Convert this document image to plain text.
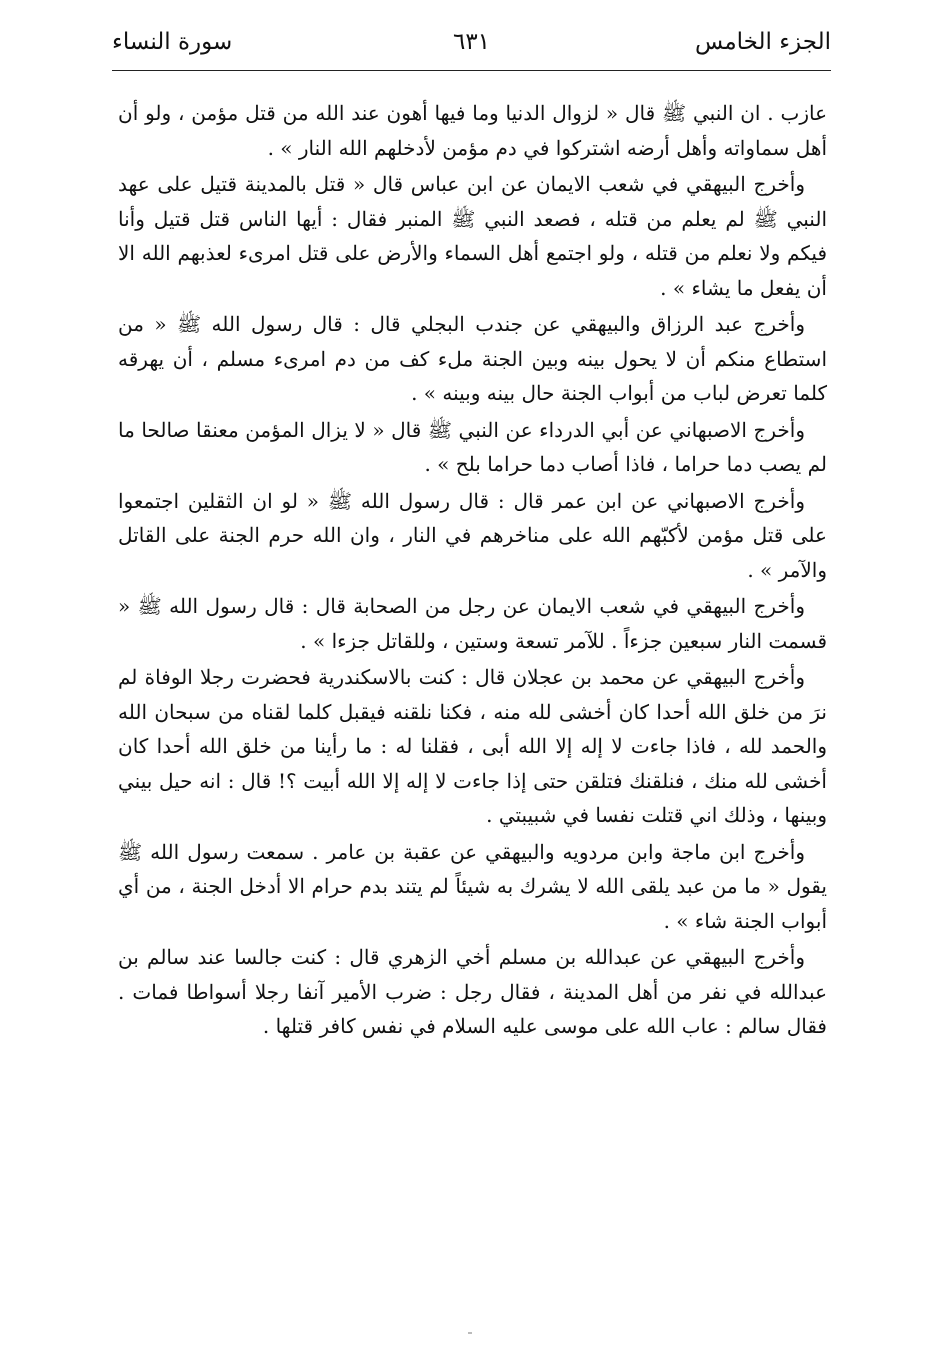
الجزء الخامس
٦٣١
سورة النساء

عازب . ان النبي ﷺ قال « لزوال الدنيا وما فيها أهون عند الله من قتل مؤمن ، ولو أن أهل سماواته وأهل أرضه اشتركوا في دم مؤمن لأدخلهم الله النار » .

وأخرج البيهقي في شعب الايمان عن ابن عباس قال « قتل بالمدينة قتيل على عهد النبي ﷺ لم يعلم من قتله ، فصعد النبي ﷺ المنبر فقال : أيها الناس قتل قتيل وأنا فيكم ولا نعلم من قتله ، ولو اجتمع أهل السماء والأرض على قتل امرىء لعذبهم الله الا أن يفعل ما يشاء » .

وأخرج عبد الرزاق والبيهقي عن جندب البجلي قال : قال رسول الله ﷺ « من استطاع منكم أن لا يحول بينه وبين الجنة ملء كف من دم امرىء مسلم ، أن يهرقه كلما تعرض لباب من أبواب الجنة حال بينه وبينه » .

وأخرج الاصبهاني عن أبي الدرداء عن النبي ﷺ قال « لا يزال المؤمن معنقا صالحا ما لم يصب دما حراما ، فاذا أصاب دما حراما بلح » .

وأخرج الاصبهاني عن ابن عمر قال : قال رسول الله ﷺ « لو ان الثقلين اجتمعوا على قتل مؤمن لأكبّهم الله على مناخرهم في النار ، وان الله حرم الجنة على القاتل والآمر » .

وأخرج البيهقي في شعب الايمان عن رجل من الصحابة قال : قال رسول الله ﷺ « قسمت النار سبعين جزءاً . للآمر تسعة وستين ، وللقاتل جزءا » .

وأخرج البيهقي عن محمد بن عجلان قال : كنت بالاسكندرية فحضرت رجلا الوفاة لم نرَ من خلق الله أحدا كان أخشى لله منه ، فكنا نلقنه فيقبل كلما لقناه من سبحان الله والحمد لله ، فاذا جاءت لا إله إلا الله أبى ، فقلنا له : ما رأينا من خلق الله أحدا كان أخشى لله منك ، فنلقنك فتلقن حتى إذا جاءت لا إله إلا الله أبيت ؟! قال : انه حيل بيني وبينها ، وذلك اني قتلت نفسا في شبيبتي .

وأخرج ابن ماجة وابن مردويه والبيهقي عن عقبة بن عامر . سمعت رسول الله ﷺ يقول « ما من عبد يلقى الله لا يشرك به شيئاً لم يتند بدم حرام الا أدخل الجنة ، من أي أبواب الجنة شاء » .

وأخرج البيهقي عن عبدالله بن مسلم أخي الزهري قال : كنت جالسا عند سالم بن عبدالله في نفر من أهل المدينة ، فقال رجل : ضرب الأمير آنفا رجلا أسواطا فمات . فقال سالم : عاب الله على موسى عليه السلام في نفس كافر قتلها .
